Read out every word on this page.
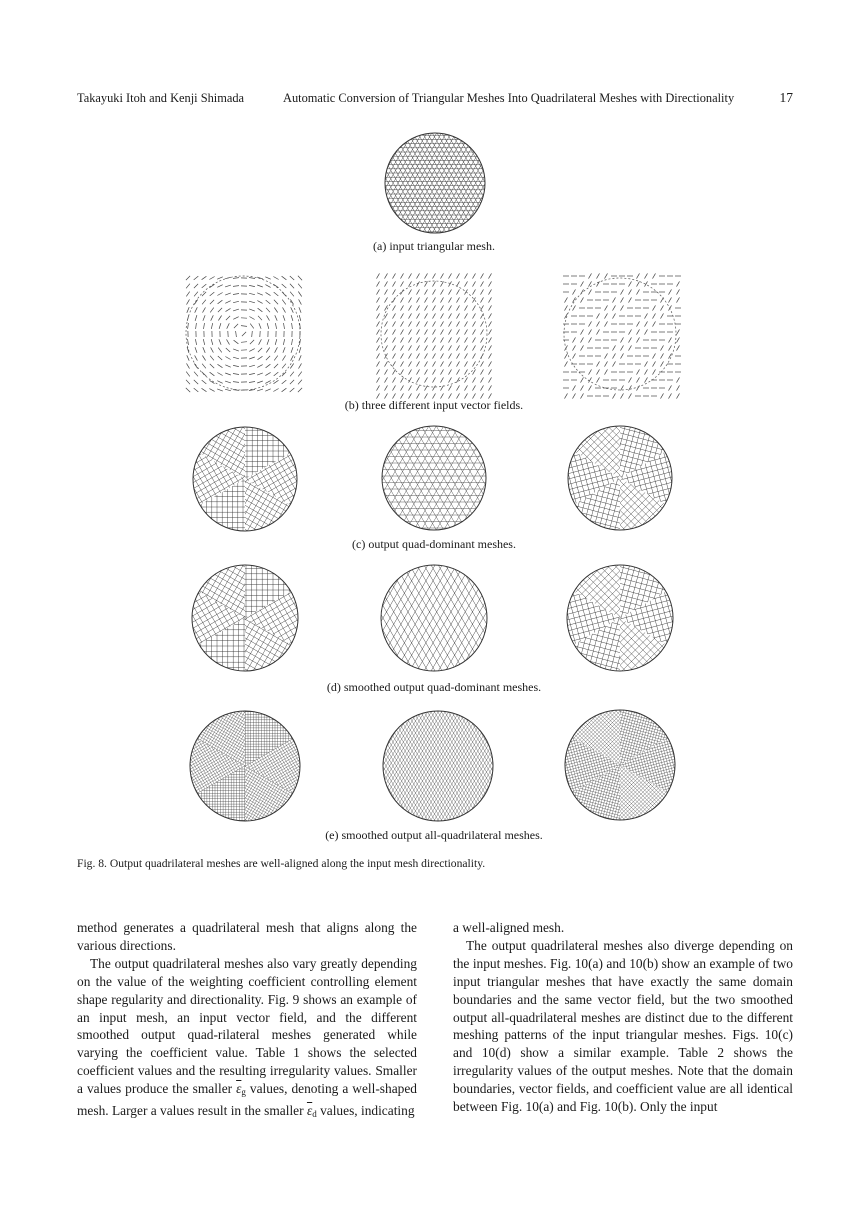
Takayuki Itoh and Kenji Shimada	Automatic Conversion of Triangular Meshes Into Quadrilateral Meshes with Directionality	17
(a) input triangular mesh.
(b) three different input vector fields.
(c) output quad-dominant meshes.
(d) smoothed output quad-dominant meshes.
(e) smoothed output all-quadrilateral meshes.
Fig. 8. Output quadrilateral meshes are well-aligned along the input mesh directionality.

method generates a quadrilateral mesh that aligns along the various directions.

The output quadrilateral meshes also vary greatly depending on the value of the weighting coefficient controlling element shape regularity and directionality. Fig. 9 shows an example of an input mesh, an input vector field, and the different smoothed output quad-rilateral meshes generated while varying the coefficient value. Table 1 shows the selected coefficient values and the resulting irregularity values. Smaller a values produce the smaller $\overline{\varepsilon}_g$ values, denoting a well-shaped mesh. Larger a values result in the smaller $\overline{\varepsilon}_d$ values, indicating

a well-aligned mesh.

The output quadrilateral meshes also diverge depending on the input meshes. Fig. 10(a) and 10(b) show an example of two input triangular meshes that have exactly the same domain boundaries and the same vector field, but the two smoothed output all-quadrilateral meshes are distinct due to the different meshing patterns of the input triangular meshes. Figs. 10(c) and 10(d) show a similar example. Table 2 shows the irregularity values of the output meshes. Note that the domain boundaries, vector fields, and coefficient value are all identical between Fig. 10(a) and Fig. 10(b). Only the input
